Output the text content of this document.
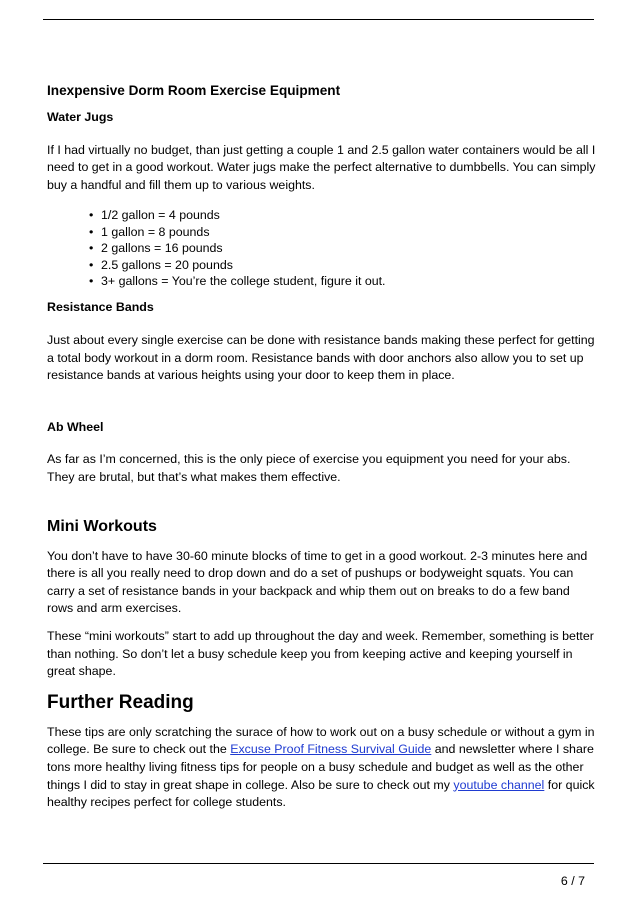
Inexpensive Dorm Room Exercise Equipment

Water Jugs

If I had virtually no budget, than just getting a couple 1 and 2.5 gallon water containers would be all I need to get in a good workout. Water jugs make the perfect alternative to dumbbells. You can simply buy a handful and fill them up to various weights.

• 1/2 gallon = 4 pounds
• 1 gallon = 8 pounds
• 2 gallons = 16 pounds
• 2.5 gallons = 20 pounds
• 3+ gallons = You’re the college student, figure it out.

Resistance Bands

Just about every single exercise can be done with resistance bands making these perfect for getting a total body workout in a dorm room. Resistance bands with door anchors also allow you to set up resistance bands at various heights using your door to keep them in place.

Ab Wheel

As far as I’m concerned, this is the only piece of exercise you equipment you need for your abs. They are brutal, but that’s what makes them effective.

Mini Workouts

You don’t have to have 30-60 minute blocks of time to get in a good workout. 2-3 minutes here and there is all you really need to drop down and do a set of pushups or bodyweight squats. You can carry a set of resistance bands in your backpack and whip them out on breaks to do a few band rows and arm exercises.

These “mini workouts” start to add up throughout the day and week. Remember, something is better than nothing. So don’t let a busy schedule keep you from keeping active and keeping yourself in great shape.

Further Reading

These tips are only scratching the surace of how to work out on a busy schedule or without a gym in college. Be sure to check out the Excuse Proof Fitness Survival Guide and newsletter where I share tons more healthy living fitness tips for people on a busy schedule and budget as well as the other things I did to stay in great shape in college. Also be sure to check out my youtube channel for quick healthy recipes perfect for college students.

6 / 7
